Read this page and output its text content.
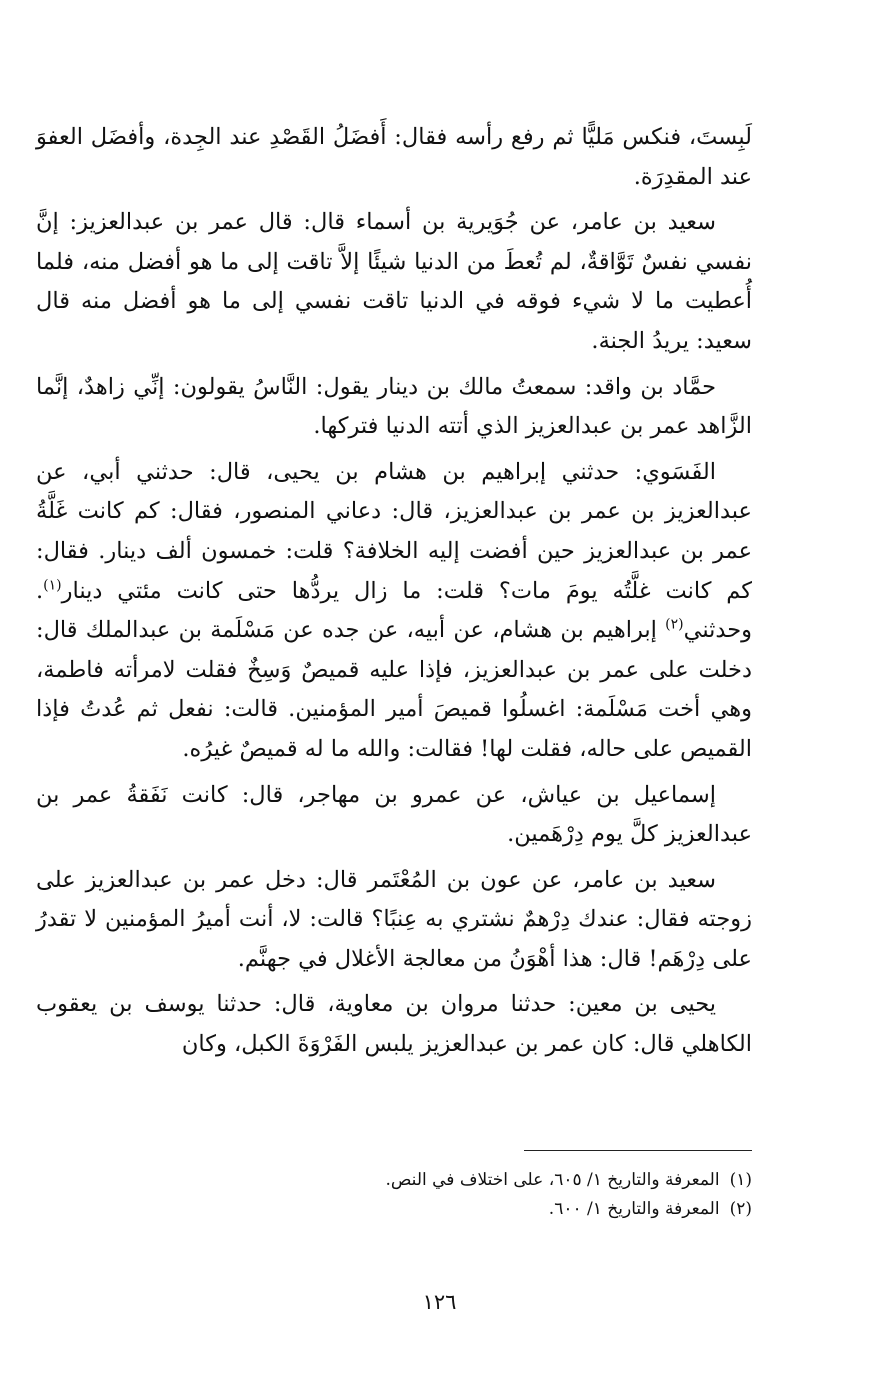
لَبِستَ، فنكس مَليًّا ثم رفع رأسه فقال: أَفضَلُ القَصْدِ عند الجِدة، وأفضَل العفوَ عند المقدِرَة.

سعيد بن عامر، عن جُوَيرية بن أسماء قال: قال عمر بن عبدالعزيز: إنَّ نفسي نفسٌ تَوَّاقةٌ، لم تُعطَ من الدنيا شيئًا إلاَّ تاقت إلى ما هو أفضل منه، فلما أُعطيت ما لا شيء فوقه في الدنيا تاقت نفسي إلى ما هو أفضل منه قال سعيد: يريدُ الجنة.

حمَّاد بن واقد: سمعتُ مالك بن دينار يقول: النَّاسُ يقولون: إنِّي زاهدٌ، إنَّما الزَّاهد عمر بن عبدالعزيز الذي أتته الدنيا فتركها.

الفَسَوي: حدثني إبراهيم بن هشام بن يحيى، قال: حدثني أبي، عن عبدالعزيز بن عمر بن عبدالعزيز، قال: دعاني المنصور، فقال: كم كانت غَلَّةُ عمر بن عبدالعزيز حين أفضت إليه الخلافة؟ قلت: خمسون ألف دينار. فقال: كم كانت غلَّتُه يومَ مات؟ قلت: ما زال يردُّها حتى كانت مئتي دينار$^{(١)}$. وحدثني$^{(٢)}$ إبراهيم بن هشام، عن أبيه، عن جده عن مَسْلَمة بن عبدالملك قال: دخلت على عمر بن عبدالعزيز، فإذا عليه قميصٌ وَسِخٌ فقلت لامرأته فاطمة، وهي أخت مَسْلَمة: اغسلُوا قميصَ أمير المؤمنين. قالت: نفعل ثم عُدتُ فإذا القميص على حاله، فقلت لها! فقالت: والله ما له قميصٌ غيرُه.

إسماعيل بن عياش، عن عمرو بن مهاجر، قال: كانت نَفَقةُ عمر بن عبدالعزيز كلَّ يوم دِرْهَمين.

سعيد بن عامر، عن عون بن المُعْتَمر قال: دخل عمر بن عبدالعزيز على زوجته فقال: عندك دِرْهمٌ نشتري به عِنبًا؟ قالت: لا، أنت أميرُ المؤمنين لا تقدرُ على دِرْهَم! قال: هذا أهْوَنُ من معالجة الأغلال في جهنَّم.

يحيى بن معين: حدثنا مروان بن معاوية، قال: حدثنا يوسف بن يعقوب الكاهلي قال: كان عمر بن عبدالعزيز يلبس الفَرْوَةَ الكبل، وكان

(١)المعرفة والتاريخ ١/ ٦٠٥، على اختلاف في النص.

(٢)المعرفة والتاريخ ١/ ٦٠٠.

١٢٦
